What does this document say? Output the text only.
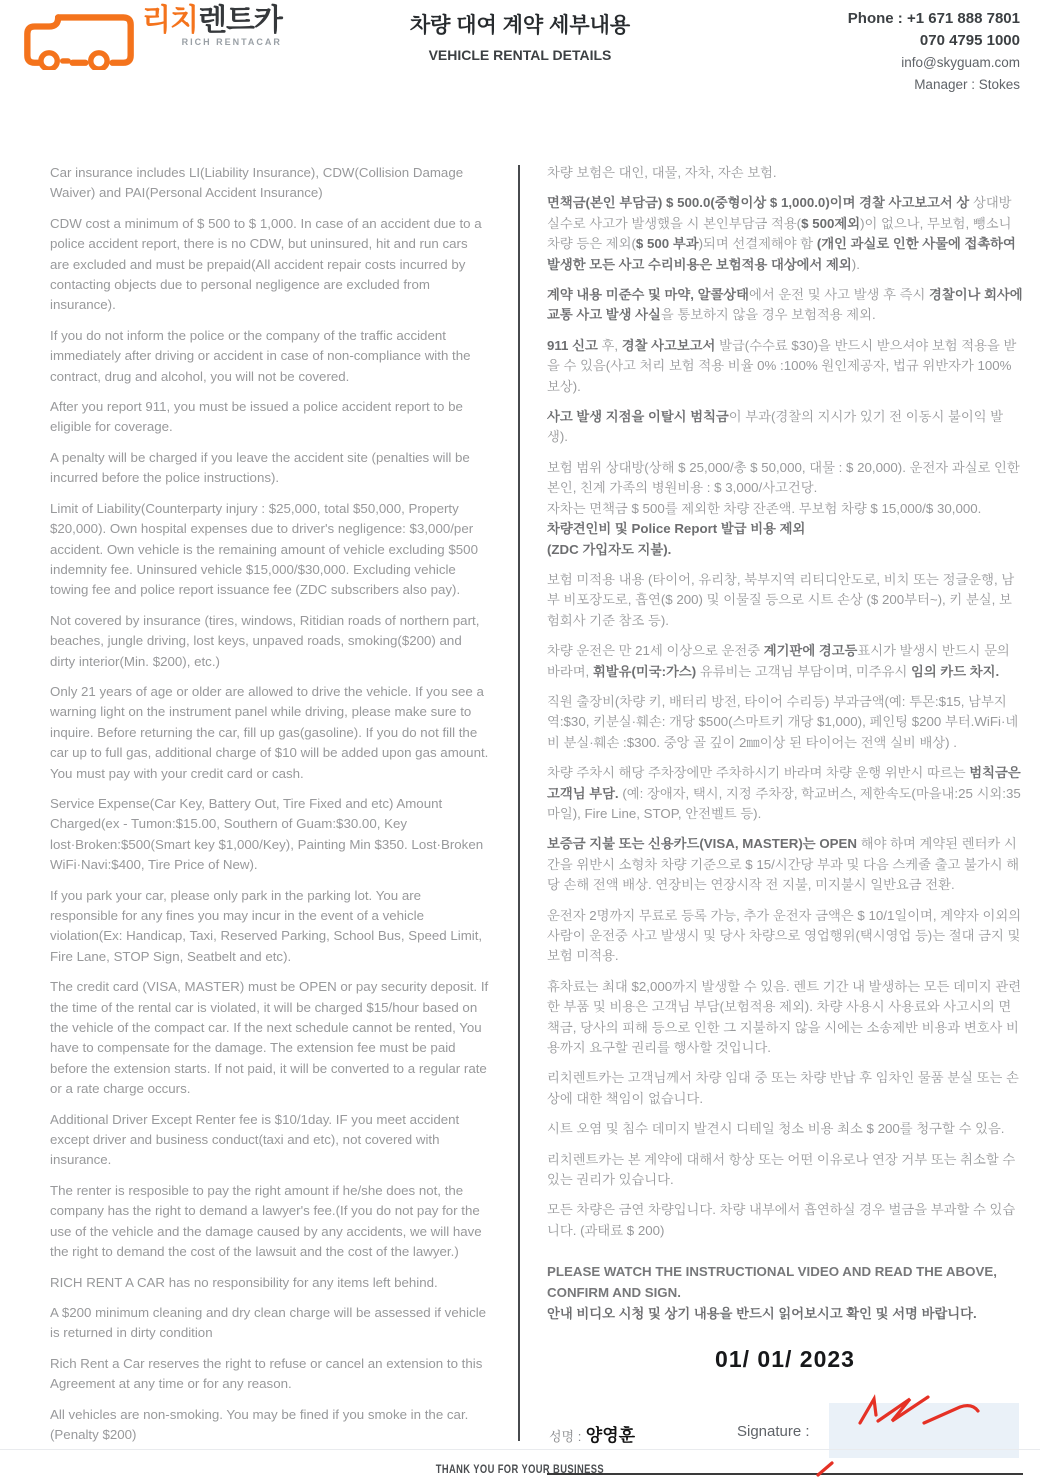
리치렌트카
RICH RENTACAR
차량 대여 계약 세부내용
VEHICLE RENTAL DETAILS
Phone : +1 671 888 7801
070 4795 1000
info@skyguam.com
Manager : Stokes

Car insurance includes LI(Liability Insurance), CDW(Collision Damage Waiver) and PAI(Personal Accident Insurance)

CDW cost a minimum of $ 500 to $ 1,000. In case of an accident due to a police accident report, there is no CDW, but uninsured, hit and run cars are excluded and must be prepaid(All accident repair costs incurred by contacting objects due to personal negligence are excluded from insurance).

If you do not inform the police or the company of the traffic accident immediately after driving or accident in case of non-compliance with the contract, drug and alcohol, you will not be covered.

After you report 911, you must be issued a police accident report to be eligible for coverage.

A penalty will be charged if you leave the accident site (penalties will be incurred before the police instructions).

Limit of Liability(Counterparty injury : $25,000, total $50,000, Property $20,000). Own hospital expenses due to driver's negligence: $3,000/per accident. Own vehicle is the remaining amount of vehicle excluding $500 indemnity fee. Uninsured vehicle $15,000/$30,000. Excluding vehicle towing fee and police report issuance fee (ZDC subscribers also pay).

Not covered by insurance (tires, windows, Ritidian roads of northern part, beaches, jungle driving, lost keys, unpaved roads, smoking($200) and dirty interior(Min. $200), etc.)

Only 21 years of age or older are allowed to drive the vehicle. If you see a warning light on the instrument panel while driving, please make sure to inquire. Before returning the car, fill up gas(gasoline). If you do not fill the car up to full gas, additional charge of $10 will be added upon gas amount. You must pay with your credit card or cash.

Service Expense(Car Key, Battery Out, Tire Fixed and etc) Amount Charged(ex - Tumon:$15.00, Southern of Guam:$30.00, Key lost·Broken:$500(Smart key $1,000/Key), Painting Min $350. Lost·Broken WiFi·Navi:$400, Tire Price of New).

If you park your car, please only park in the parking lot. You are responsible for any fines you may incur in the event of a vehicle violation(Ex: Handicap, Taxi, Reserved Parking, School Bus, Speed Limit, Fire Lane, STOP Sign, Seatbelt and etc).

The credit card (VISA, MASTER) must be OPEN or pay security deposit. If the time of the rental car is violated, it will be charged $15/hour based on the vehicle of the compact car. If the next schedule cannot be rented, You have to compensate for the damage. The extension fee must be paid before the extension starts. If not paid, it will be converted to a regular rate or a rate charge occurs.

Additional Driver Except Renter fee is $10/1day. IF you meet accident except driver and business conduct(taxi and etc), not covered with insurance.

The renter is resposible to pay the right amount if he/she does not, the company has the right to demand a lawyer's fee.(If you do not pay for the use of the vehicle and the damage caused by any accidents, we will have the right to demand the cost of the lawsuit and the cost of the lawyer.)

RICH RENT A CAR has no responsibility for any items left behind.

A $200 minimum cleaning and dry clean charge will be assessed if vehicle is returned in dirty condition

Rich Rent a Car reserves the right to refuse or cancel an extension to this Agreement at any time or for any reason.

All vehicles are non-smoking. You may be fined if you smoke in the car. (Penalty $200)

차량 보험은 대인, 대물, 자차, 자손 보험.

면책금(본인 부담금) $ 500.0(중형이상 $ 1,000.0)이며 경찰 사고보고서 상 상대방 실수로 사고가 발생했을 시 본인부담금 적용($ 500제외)이 없으나, 무보험, 뺑소니 차량 등은 제외($ 500 부과)되며 선결제해야 함 (개인 과실로 인한 사물에 접촉하여 발생한 모든 사고 수리비용은 보험적용 대상에서 제외).

계약 내용 미준수 및 마약, 알콜상태에서 운전 및 사고 발생 후 즉시 경찰이나 회사에 교통 사고 발생 사실을 통보하지 않을 경우 보험적용 제외.

911 신고 후, 경찰 사고보고서 발급(수수료 $30)을 반드시 받으셔야 보험 적용을 받을 수 있음(사고 처리 보험 적용 비율 0% :100% 원인제공자, 법규 위반자가 100% 보상).

사고 발생 지점을 이탈시 범칙금이 부과(경찰의 지시가 있기 전 이동시 불이익 발생).

보험 범위 상대방(상해 $ 25,000/총 $ 50,000, 대물 : $ 20,000). 운전자 과실로 인한 본인, 친계 가족의 병원비용 : $ 3,000/사고건당.
자차는 면책금 $ 500를 제외한 차량 잔존액. 무보험 차량 $ 15,000/$ 30,000.
차량견인비 및 Police Report 발급 비용 제외
(ZDC 가입자도 지불).

보험 미적용 내용 (타이어, 유리창, 북부지역 리티디안도로, 비치 또는 정글운행, 남부 비포장도로, 흡연($ 200) 및 이물질 등으로 시트 손상 ($ 200부터~), 키 분실, 보험회사 기준 참조 등).

차량 운전은 만 21세 이상으로 운전중 계기판에 경고등표시가 발생시 반드시 문의 바라며, 휘발유(미국:가스) 유류비는 고객님 부담이며, 미주유시 임의 카드 차지.

직원 출장비(차량 키, 배터리 방전, 타이어 수리등) 부과금액(예: 투몬:$15, 남부지역:$30, 키분실·훼손: 개당 $500(스마트키 개당 $1,000), 페인팅 $200 부터.WiFi·네비 분실·훼손 :$300. 중앙 골 깊이 2㎜이상 된 타이어는 전액 실비 배상) .

차량 주차시 해당 주차장에만 주차하시기 바라며 차량 운행 위반시 따르는 범칙금은 고객님 부담. (예: 장애자, 택시, 지정 주차장, 학교버스, 제한속도(마을내:25 시외:35마일), Fire Line, STOP, 안전벨트 등).

보증금 지불 또는 신용카드(VISA, MASTER)는 OPEN 해야 하며 계약된 렌터카 시간을 위반시 소형차 차량 기준으로 $ 15/시간당 부과 및 다음 스케줄 출고 불가시 해당 손해 전액 배상. 연장비는 연장시작 전 지불, 미지불시 일반요금 전환.

운전자 2명까지 무료로 등록 가능, 추가 운전자 금액은 $ 10/1일이며, 계약자 이외의 사람이 운전중 사고 발생시 및 당사 차량으로 영업행위(택시영업 등)는 절대 금지 및 보험 미적용.

휴차료는 최대 $2,000까지 발생할 수 있음. 렌트 기간 내 발생하는 모든 데미지 관련한 부품 및 비용은 고객님 부담(보험적용 제외). 차량 사용시 사용료와 사고시의 면책금, 당사의 피해 등으로 인한 그 지불하지 않을 시에는 소송제반 비용과 변호사 비용까지 요구할 권리를 행사할 것입니다.

리치렌트카는 고객님께서 차량 임대 중 또는 차량 반납 후 임차인 물품 분실 또는 손상에 대한 책임이 없습니다.

시트 오염 및 침수 데미지 발견시 디테일 청소 비용 최소 $ 200를 청구할 수 있음.

리치렌트카는 본 계약에 대해서 항상 또는 어떤 이유로나 연장 거부 또는 취소할 수 있는 권리가 있습니다.

모든 차량은 금연 차량입니다. 차량 내부에서 흡연하실 경우 벌금을 부과할 수 있습니다. (과태료 $ 200)

PLEASE WATCH THE INSTRUCTIONAL VIDEO AND READ THE ABOVE, CONFIRM AND SIGN.
안내 비디오 시청 및 상기 내용을 반드시 읽어보시고 확인 및 서명 바랍니다.
01/ 01/ 2023
성명 : 양영훈	Signature :
THANK YOU FOR YOUR BUSINESS
